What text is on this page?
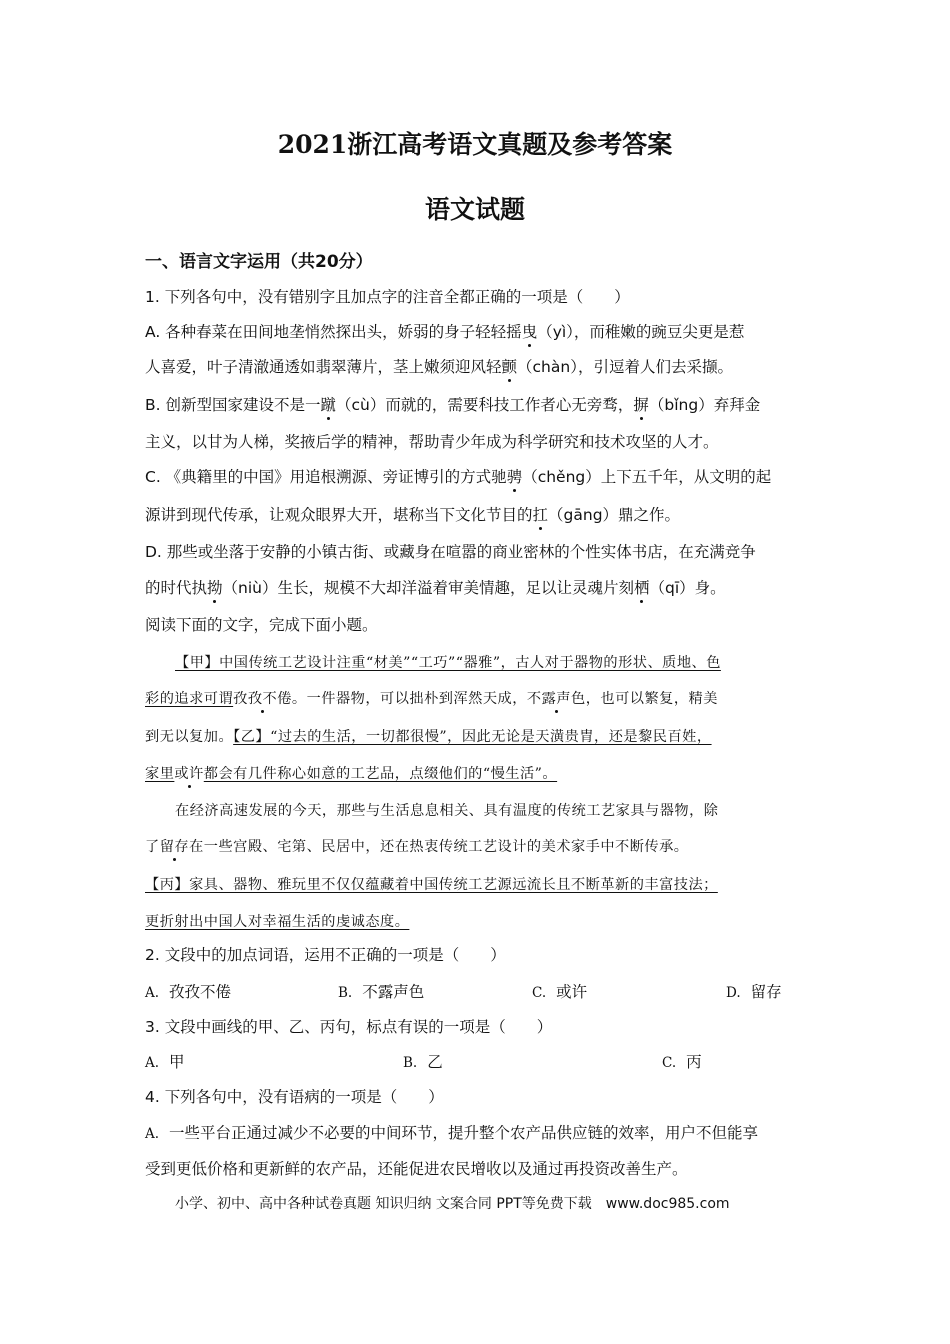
2021浙江高考语文真题及参考答案
语文试题
一、语言文字运用（共20分）
1. 下列各句中，没有错别字且加点字的注音全都正确的一项是（　　）
A. 各种春菜在田间地垄悄然探出头，娇弱的身子轻轻摇曳（yì），而稚嫩的豌豆尖更是惹
人喜爱，叶子清澈通透如翡翠薄片，茎上嫩须迎风轻颤（chàn），引逗着人们去采撷。
B. 创新型国家建设不是一蹴（cù）而就的，需要科技工作者心无旁骛，摒（bǐng）弃拜金
主义，以甘为人梯，奖掖后学的精神，帮助青少年成为科学研究和技术攻坚的人才。
C. 《典籍里的中国》用追根溯源、旁证博引的方式驰骋（chěng）上下五千年，从文明的起
源讲到现代传承，让观众眼界大开，堪称当下文化节目的扛（gāng）鼎之作。
D. 那些或坐落于安静的小镇古街、或藏身在喧嚣的商业密林的个性实体书店，在充满竞争
的时代执拗（niù）生长，规模不大却洋溢着审美情趣，足以让灵魂片刻栖（qī）身。
阅读下面的文字，完成下面小题。
【甲】中国传统工艺设计注重“材美”“工巧”“器雅”，古人对于器物的形状、质地、色
彩的追求可谓孜孜不倦。一件器物，可以拙朴到浑然天成，不露声色，也可以繁复，精美
到无以复加。【乙】“过去的生活，一切都很慢”，因此无论是天潢贵胄，还是黎民百姓，
家里或许都会有几件称心如意的工艺品，点缀他们的“慢生活”。
在经济高速发展的今天，那些与生活息息相关、具有温度的传统工艺家具与器物，除
了留存在一些宫殿、宅第、民居中，还在热衷传统工艺设计的美术家手中不断传承。
【丙】家具、器物、雅玩里不仅仅蕴藏着中国传统工艺源远流长且不断革新的丰富技法；
更折射出中国人对幸福生活的虔诚态度。
2. 文段中的加点词语，运用不正确的一项是（　　）
A. 孜孜不倦	B. 不露声色	C. 或许	D. 留存
3. 文段中画线的甲、乙、丙句，标点有误的一项是（　　）
A. 甲	B. 乙	C. 丙
4. 下列各句中，没有语病的一项是（　　）
A. 一些平台正通过减少不必要的中间环节，提升整个农产品供应链的效率，用户不但能享
受到更低价格和更新鲜的农产品，还能促进农民增收以及通过再投资改善生产。
小学、初中、高中各种试卷真题 知识归纳 文案合同 PPT等免费下载　www.doc985.com
